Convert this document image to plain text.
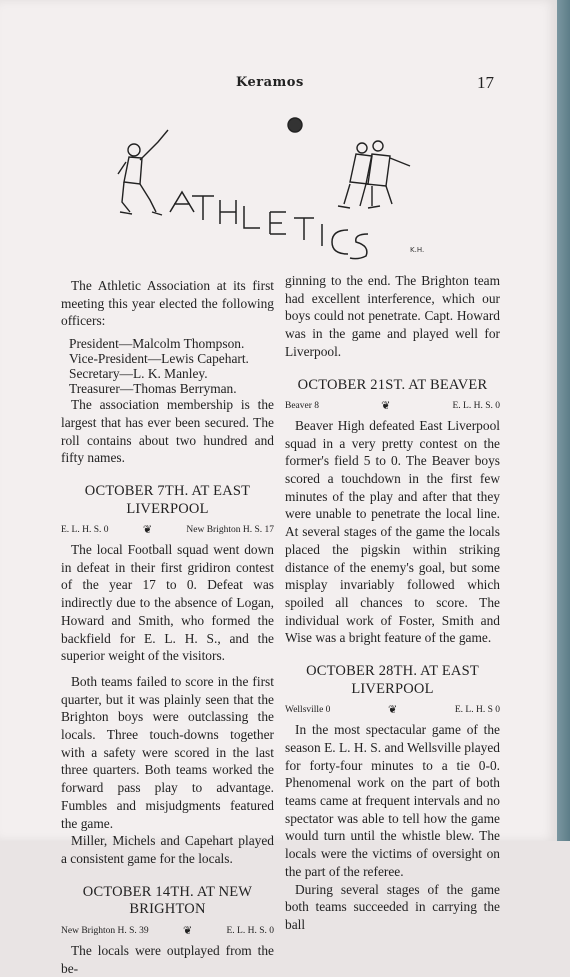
Keramos	17
K.H.

The Athletic Association at its first meeting this year elected the following officers:

President—Malcolm Thompson.
Vice-President—Lewis Capehart.
Secretary—L. K. Manley.
Treasurer—Thomas Berryman.

The association membership is the largest that has ever been secured. The roll contains about two hundred and fifty names.

OCTOBER 7TH. AT EAST LIVERPOOL
E. L. H. S. 0	❦	New Brighton H. S. 17

The local Football squad went down in defeat in their first gridiron contest of the year 17 to 0. Defeat was indirectly due to the absence of Logan, Howard and Smith, who formed the backfield for E. L. H. S., and the superior weight of the visitors.

Both teams failed to score in the first quarter, but it was plainly seen that the Brighton boys were outclassing the locals. Three touch-downs together with a safety were scored in the last three quarters. Both teams worked the forward pass play to advantage. Fumbles and misjudgments featured the game.

Miller, Michels and Capehart played a consistent game for the locals.

OCTOBER 14TH. AT NEW BRIGHTON
New Brighton H. S. 39	❦	E. L. H. S. 0

The locals were outplayed from the be-

ginning to the end. The Brighton team had excellent interference, which our boys could not penetrate. Capt. Howard was in the game and played well for Liverpool.

OCTOBER 21ST. AT BEAVER
Beaver 8	❦	E. L. H. S. 0

Beaver High defeated East Liverpool squad in a very pretty contest on the former's field 5 to 0. The Beaver boys scored a touchdown in the first few minutes of the play and after that they were unable to penetrate the local line. At several stages of the game the locals placed the pigskin within striking distance of the enemy's goal, but some misplay invariably followed which spoiled all chances to score. The individual work of Foster, Smith and Wise was a bright feature of the game.

OCTOBER 28TH. AT EAST LIVERPOOL
Wellsville 0	❦	E. L. H. S 0

In the most spectacular game of the season E. L. H. S. and Wellsville played for forty-four minutes to a tie 0-0. Phenomenal work on the part of both teams came at frequent intervals and no spectator was able to tell how the game would turn until the whistle blew. The locals were the victims of oversight on the part of the referee.

During several stages of the game both teams succeeded in carrying the ball
